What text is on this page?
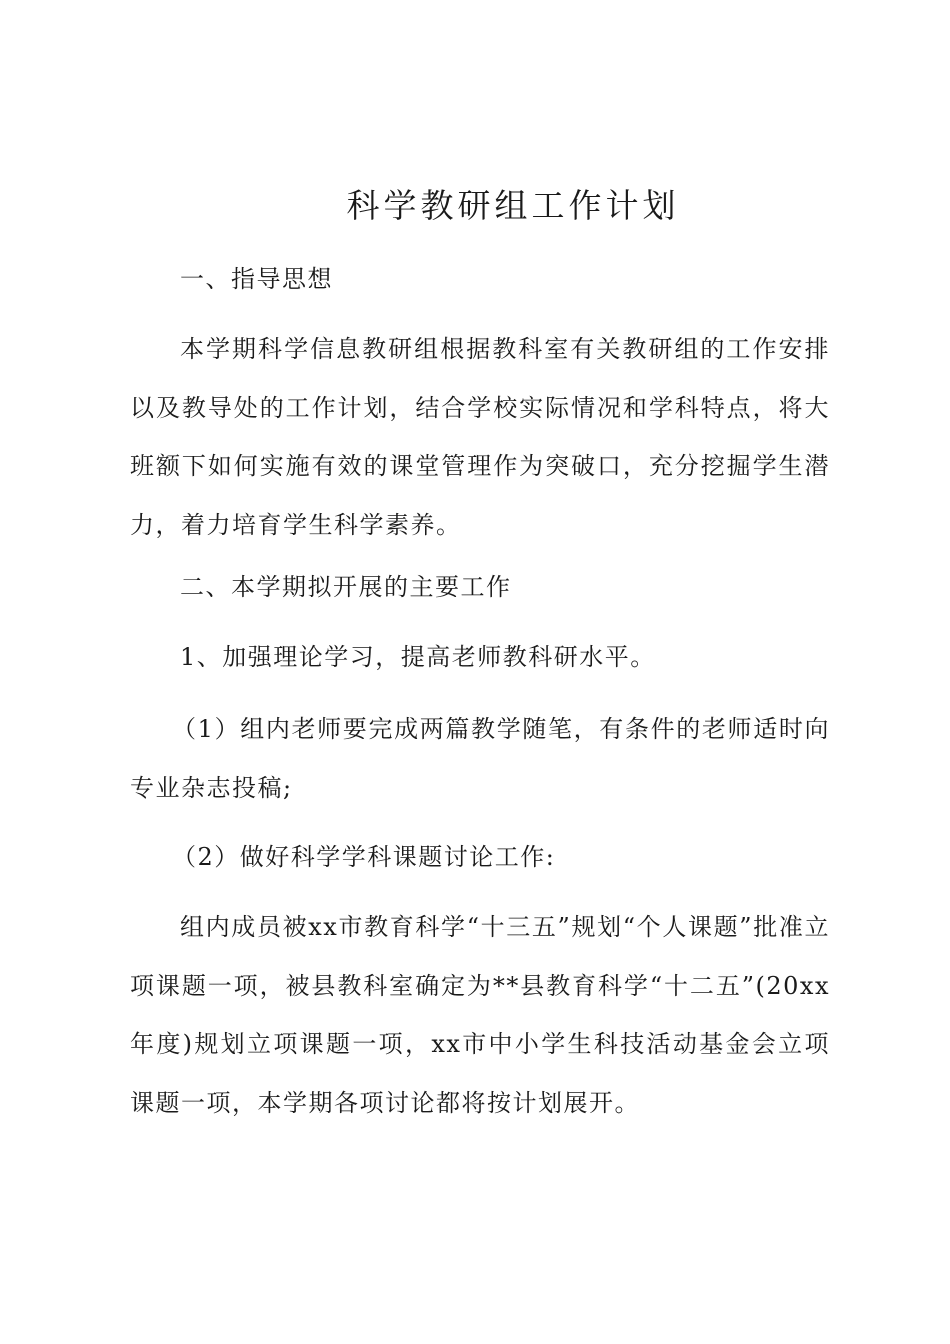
科学教研组工作计划

一、指导思想

本学期科学信息教研组根据教科室有关教研组的工作安排以及教导处的工作计划，结合学校实际情况和学科特点，将大班额下如何实施有效的课堂管理作为突破口，充分挖掘学生潜力，着力培育学生科学素养。

二、本学期拟开展的主要工作

1、加强理论学习，提高老师教科研水平。

（1）组内老师要完成两篇教学随笔，有条件的老师适时向专业杂志投稿;

（2）做好科学学科课题讨论工作:

组内成员被xx市教育科学“十三五”规划“个人课题”批准立项课题一项，被县教科室确定为**县教育科学“十二五”(20xx年度)规划立项课题一项，xx市中小学生科技活动基金会立项课题一项，本学期各项讨论都将按计划展开。
